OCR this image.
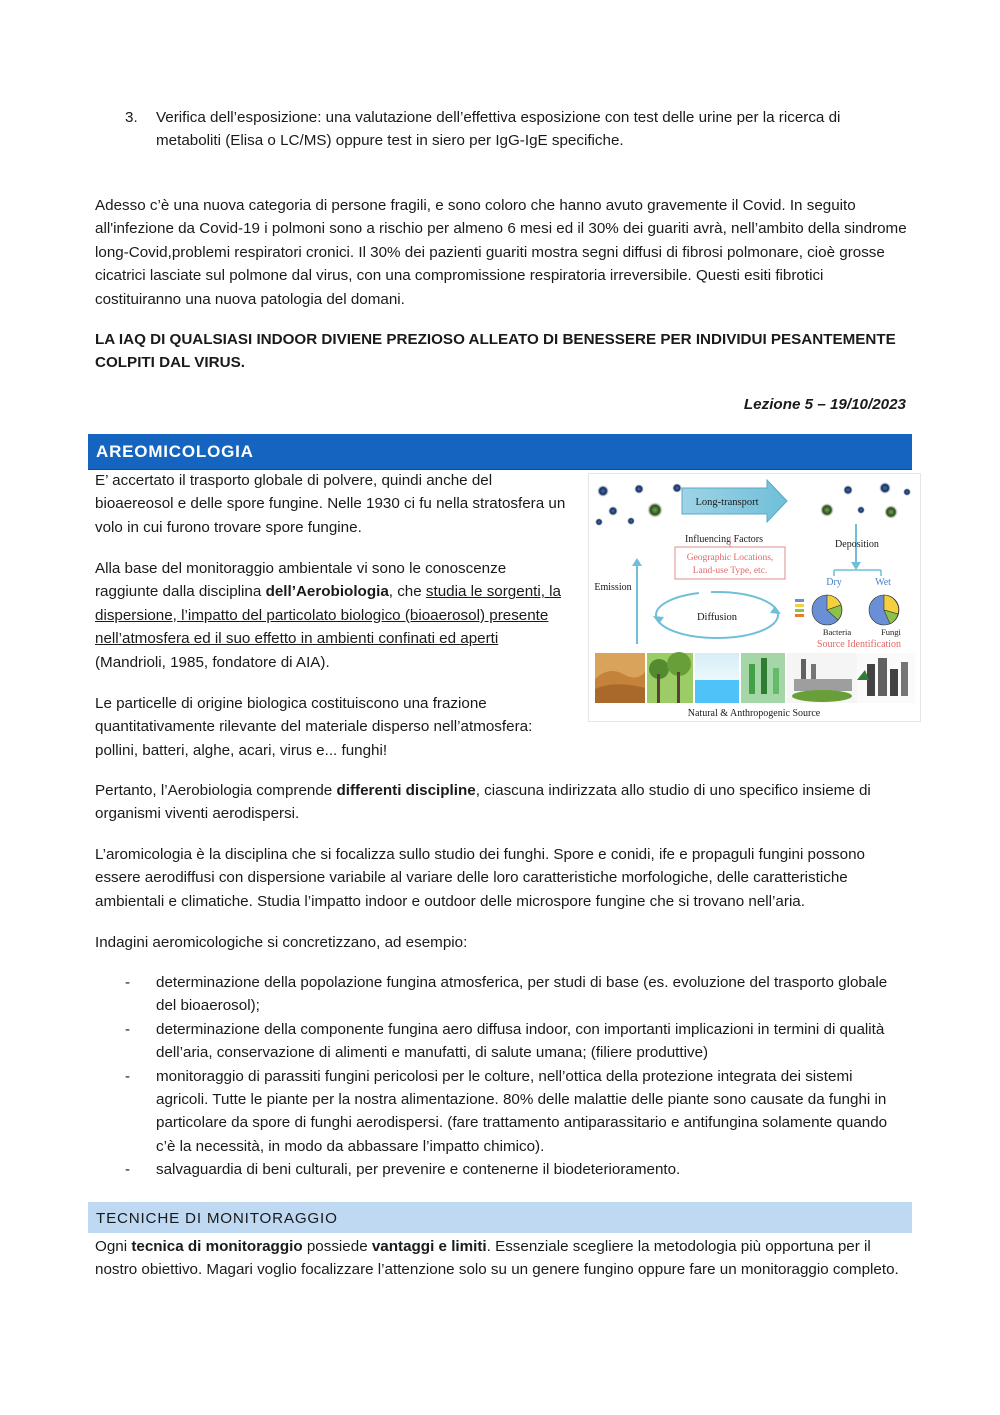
3. Verifica dell’esposizione: una valutazione dell’effettiva esposizione con test delle urine per la ricerca di metaboliti (Elisa o LC/MS) oppure test in siero per IgG-IgE specifiche.

Adesso c’è una nuova categoria di persone fragili, e sono coloro che hanno avuto gravemente il Covid. In seguito all'infezione da Covid-19 i polmoni sono a rischio per almeno 6 mesi ed il 30% dei guariti avrà, nell’ambito della sindrome long-Covid,problemi respiratori cronici. Il 30% dei pazienti guariti mostra segni diffusi di fibrosi polmonare, cioè grosse cicatrici lasciate sul polmone dal virus, con una compromissione respiratoria irreversibile. Questi esiti fibrotici costituiranno una nuova patologia del domani.

LA IAQ DI QUALSIASI INDOOR DIVIENE PREZIOSO ALLEATO DI BENESSERE PER INDIVIDUI PESANTEMENTE COLPITI DAL VIRUS.

Lezione 5 – 19/10/2023
AREOMICOLOGIA

E’ accertato il trasporto globale di polvere, quindi anche del bioaereosol e delle spore fungine. Nelle 1930 ci fu nella stratosfera un volo in cui furono trovare spore fungine.

Alla base del monitoraggio ambientale vi sono le conoscenze raggiunte dalla disciplina dell’Aerobiologia, che studia le sorgenti, la dispersione, l’impatto del particolato biologico (bioaerosol) presente nell’atmosfera ed il suo effetto in ambienti confinati ed aperti (Mandrioli, 1985, fondatore di AIA).

Le particelle di origine biologica costituiscono una frazione quantitativamente rilevante del materiale disperso nell’atmosfera: pollini, batteri, alghe, acari, virus e... funghi!

Pertanto, l’Aerobiologia comprende differenti discipline, ciascuna indirizzata allo studio di uno specifico insieme di organismi viventi aerodispersi.

L’aromicologia è la disciplina che si focalizza sullo studio dei funghi. Spore e conidi, ife e propaguli fungini possono essere aerodiffusi con dispersione variabile al variare delle loro caratteristiche morfologiche, delle caratteristiche ambientali e climatiche. Studia l’impatto indoor e outdoor delle microspore fungine che si trovano nell’aria.

Indagini aeromicologiche si concretizzano, ad esempio:

- determinazione della popolazione fungina atmosferica, per studi di base (es. evoluzione del trasporto globale del bioaerosol);
- determinazione della componente fungina aero diffusa indoor, con importanti implicazioni in termini di qualità dell’aria, conservazione di alimenti e manufatti, di salute umana; (filiere produttive)
- monitoraggio di parassiti fungini pericolosi per le colture, nell’ottica della protezione integrata dei sistemi agricoli. Tutte le piante per la nostra alimentazione. 80% delle malattie delle piante sono causate da funghi in particolare da spore di funghi aerodispersi. (fare trattamento antiparassitario e antifungina solamente quando c’è la necessità, in modo da abbassare l’impatto chimico).
- salvaguardia di beni culturali, per prevenire e contenerne il biodeterioramento.
TECNICHE DI MONITORAGGIO

Ogni tecnica di monitoraggio possiede vantaggi e limiti. Essenziale scegliere la metodologia più opportuna per il nostro obiettivo. Magari voglio focalizzare l’attenzione solo su un genere fungino oppure fare un monitoraggio completo.

Long-transport
Influencing Factors
Geographic Locations,
Land-use Type, etc.
Deposition
Dry	Wet
Emission
Diffusion
Bacteria	Fungi
Source Identification
Natural & Anthropogenic Source
